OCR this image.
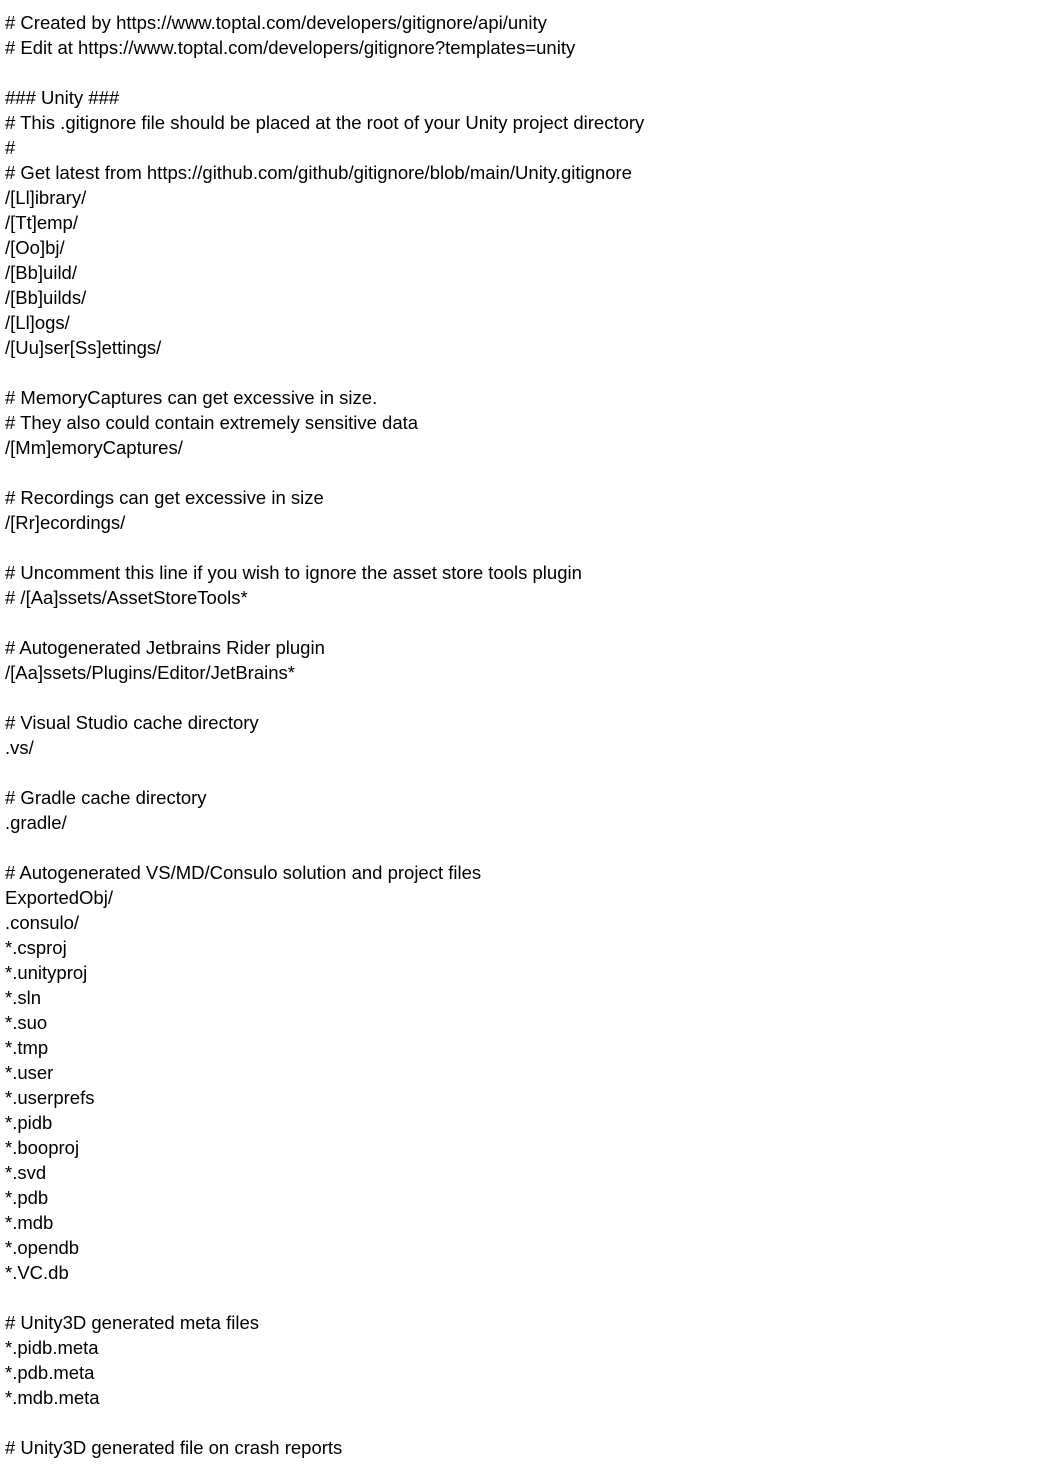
# Created by https://www.toptal.com/developers/gitignore/api/unity
# Edit at https://www.toptal.com/developers/gitignore?templates=unity
### Unity ###
# This .gitignore file should be placed at the root of your Unity project directory
#
# Get latest from https://github.com/github/gitignore/blob/main/Unity.gitignore
/[Ll]ibrary/
/[Tt]emp/
/[Oo]bj/
/[Bb]uild/
/[Bb]uilds/
/[Ll]ogs/
/[Uu]ser[Ss]ettings/
# MemoryCaptures can get excessive in size.
# They also could contain extremely sensitive data
/[Mm]emoryCaptures/
# Recordings can get excessive in size
/[Rr]ecordings/
# Uncomment this line if you wish to ignore the asset store tools plugin
# /[Aa]ssets/AssetStoreTools*
# Autogenerated Jetbrains Rider plugin
/[Aa]ssets/Plugins/Editor/JetBrains*
# Visual Studio cache directory
.vs/
# Gradle cache directory
.gradle/
# Autogenerated VS/MD/Consulo solution and project files
ExportedObj/
.consulo/
*.csproj
*.unityproj
*.sln
*.suo
*.tmp
*.user
*.userprefs
*.pidb
*.booproj
*.svd
*.pdb
*.mdb
*.opendb
*.VC.db
# Unity3D generated meta files
*.pidb.meta
*.pdb.meta
*.mdb.meta
# Unity3D generated file on crash reports
